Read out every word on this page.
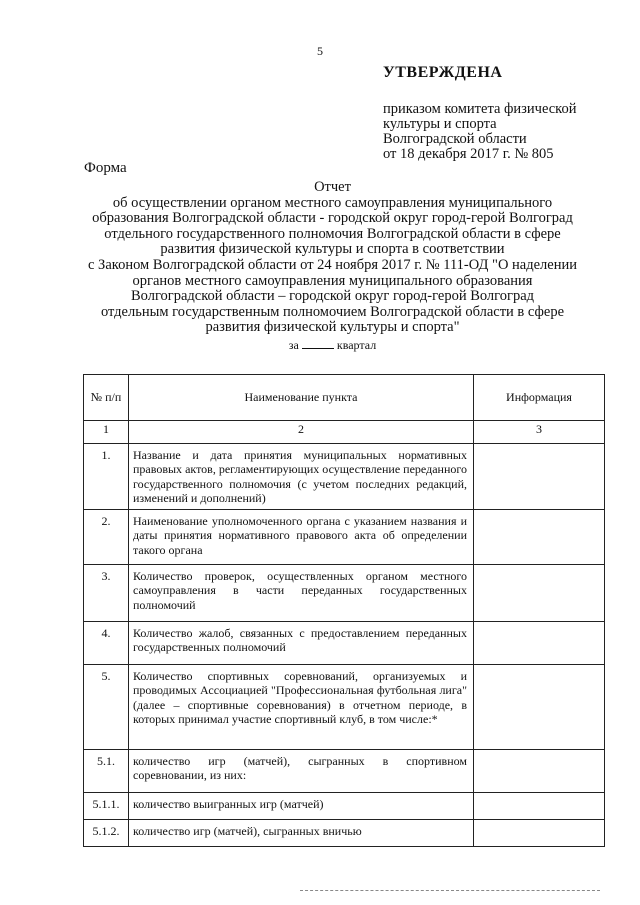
5
УТВЕРЖДЕНА
приказом комитета физической
культуры и спорта
Волгоградской области
от 18 декабря 2017 г. № 805
Форма
Отчет
об осуществлении органом местного самоуправления муниципального
образования Волгоградской области - городской округ город-герой Волгоград
отдельного государственного полномочия Волгоградской области в сфере
развития физической культуры и спорта в соответствии
с Законом Волгоградской области от 24 ноября 2017 г. № 111-ОД "О наделении
органов местного самоуправления муниципального образования
Волгоградской области – городской округ город-герой Волгоград
отдельным государственным полномочием Волгоградской области в сфере
развития физической культуры и спорта"
за	квартал
№ п/п	Наименование пункта	Информация
1	2	3
1.	Название и дата принятия муниципальных нормативных правовых актов, регламентирующих осуществление переданного государственного полномочия (с учетом последних редакций, изменений и дополнений)	
2.	Наименование уполномоченного органа с указанием названия и даты принятия нормативного правового акта об определении такого органа	
3.	Количество проверок, осуществленных органом местного самоуправления в части переданных государственных полномочий	
4.	Количество жалоб, связанных с предоставлением переданных государственных полномочий	
5.	Количество спортивных соревнований, организуемых и проводимых Ассоциацией "Профессиональная футбольная лига" (далее – спортивные соревнования) в отчетном периоде, в которых принимал участие спортивный клуб, в том числе:*	
5.1.	количество игр (матчей), сыгранных в спортивном соревновании, из них:	
5.1.1.	количество выигранных игр (матчей)	
5.1.2.	количество игр (матчей), сыгранных вничью	
